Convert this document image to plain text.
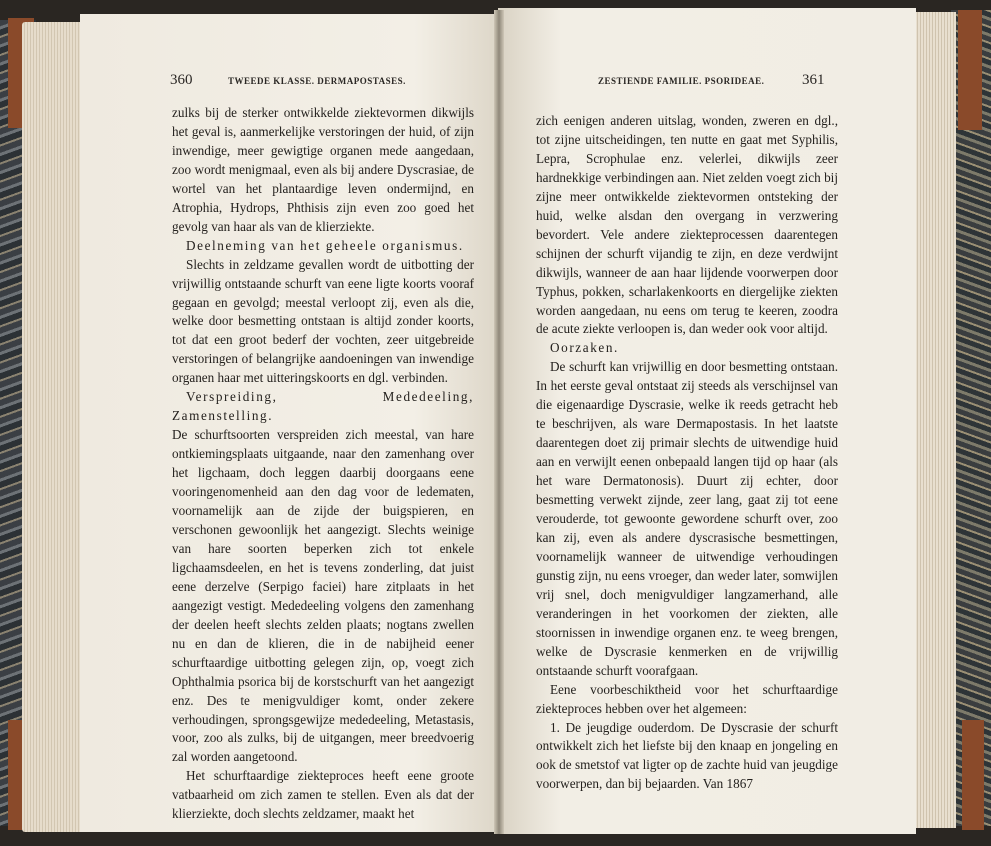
360	TWEEDE KLASSE. DERMAPOSTASES.

zulks bij de sterker ontwikkelde ziektevormen dikwijls het geval is, aanmerkelijke verstoringen der huid, of zijn inwendige, meer gewigtige organen mede aangedaan, zoo wordt menigmaal, even als bij andere Dyscrasiae, de wortel van het plantaardige leven ondermijnd, en Atrophia, Hydrops, Phthisis zijn even zoo goed het gevolg van haar als van de klierziekte.

Deelneming van het geheele organismus.

Slechts in zeldzame gevallen wordt de uitbotting der vrijwillig ontstaande schurft van eene ligte koorts vooraf gegaan en gevolgd; meestal verloopt zij, even als die, welke door besmetting ontstaan is altijd zonder koorts, tot dat een groot bederf der vochten, zeer uitgebreide verstoringen of belangrijke aandoeningen van inwendige organen haar met uitteringskoorts en dgl. verbinden.

Verspreiding, Mededeeling, Zamenstelling.

De schurftsoorten verspreiden zich meestal, van hare ontkiemingsplaats uitgaande, naar den zamenhang over het ligchaam, doch leggen daarbij doorgaans eene vooringenomenheid aan den dag voor de ledematen, voornamelijk aan de zijde der buigspieren, en verschonen gewoonlijk het aangezigt. Slechts weinige van hare soorten beperken zich tot enkele ligchaamsdeelen, en het is tevens zonderling, dat juist eene derzelve (Serpigo faciei) hare zitplaats in het aangezigt vestigt. Mededeeling volgens den zamenhang der deelen heeft slechts zelden plaats; nogtans zwellen nu en dan de klieren, die in de nabijheid eener schurftaardige uitbotting gelegen zijn, op, voegt zich Ophthalmia psorica bij de korstschurft van het aangezigt enz. Des te menigvuldiger komt, onder zekere verhoudingen, sprongsgewijze mededeeling, Metastasis, voor, zoo als zulks, bij de uitgangen, meer breedvoerig zal worden aangetoond.

Het schurftaardige ziekteproces heeft eene groote vatbaarheid om zich zamen te stellen. Even als dat der klierziekte, doch slechts zeldzamer, maakt het

ZESTIENDE FAMILIE. PSORIDEAE.	361

zich eenigen anderen uitslag, wonden, zweren en dgl., tot zijne uitscheidingen, ten nutte en gaat met Syphilis, Lepra, Scrophulae enz. velerlei, dikwijls zeer hardnekkige verbindingen aan. Niet zelden voegt zich bij zijne meer ontwikkelde ziektevormen ontsteking der huid, welke alsdan den overgang in verzwering bevordert. Vele andere ziekteprocessen daarentegen schijnen der schurft vijandig te zijn, en deze verdwijnt dikwijls, wanneer de aan haar lijdende voorwerpen door Typhus, pokken, scharlakenkoorts en diergelijke ziekten worden aangedaan, nu eens om terug te keeren, zoodra de acute ziekte verloopen is, dan weder ook voor altijd.

Oorzaken.

De schurft kan vrijwillig en door besmetting ontstaan. In het eerste geval ontstaat zij steeds als verschijnsel van die eigenaardige Dyscrasie, welke ik reeds getracht heb te beschrijven, als ware Dermapostasis. In het laatste daarentegen doet zij primair slechts de uitwendige huid aan en verwijlt eenen onbepaald langen tijd op haar (als het ware Dermatonosis). Duurt zij echter, door besmetting verwekt zijnde, zeer lang, gaat zij tot eene verouderde, tot gewoonte gewordene schurft over, zoo kan zij, even als andere dyscrasische besmettingen, voornamelijk wanneer de uitwendige verhoudingen gunstig zijn, nu eens vroeger, dan weder later, somwijlen vrij snel, doch menigvuldiger langzamerhand, alle veranderingen in het voorkomen der ziekten, alle stoornissen in inwendige organen enz. te weeg brengen, welke de Dyscrasie kenmerken en de vrijwillig ontstaande schurft voorafgaan.

Eene voorbeschiktheid voor het schurftaardige ziekteproces hebben over het algemeen:

1. De jeugdige ouderdom. De Dyscrasie der schurft ontwikkelt zich het liefste bij den knaap en jongeling en ook de smetstof vat ligter op de zachte huid van jeugdige voorwerpen, dan bij bejaarden. Van 1867
